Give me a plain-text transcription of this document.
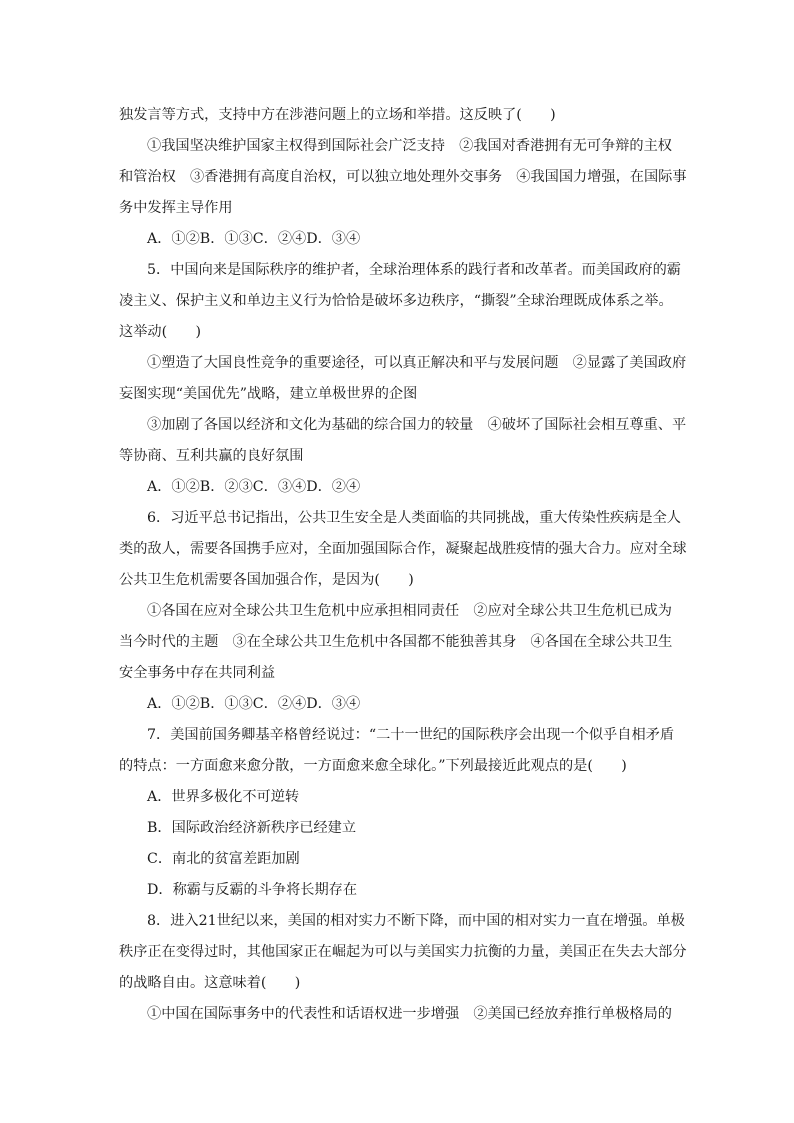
独发言等方式，支持中方在涉港问题上的立场和举措。这反映了(　　)
①我国坚决维护国家主权得到国际社会广泛支持　②我国对香港拥有无可争辩的主权
和管治权　③香港拥有高度自治权，可以独立地处理外交事务　④我国国力增强，在国际事
务中发挥主导作用
A．①②B．①③C．②④D．③④
5．中国向来是国际秩序的维护者，全球治理体系的践行者和改革者。而美国政府的霸
凌主义、保护主义和单边主义行为恰恰是破坏多边秩序，“撕裂”全球治理既成体系之举。
这举动(　　)
①塑造了大国良性竞争的重要途径，可以真正解决和平与发展问题　②显露了美国政府
妄图实现“美国优先”战略，建立单极世界的企图
③加剧了各国以经济和文化为基础的综合国力的较量　④破坏了国际社会相互尊重、平
等协商、互利共赢的良好氛围
A．①②B．②③C．③④D．②④
6．习近平总书记指出，公共卫生安全是人类面临的共同挑战，重大传染性疾病是全人
类的敌人，需要各国携手应对，全面加强国际合作，凝聚起战胜疫情的强大合力。应对全球
公共卫生危机需要各国加强合作，是因为(　　)
①各国在应对全球公共卫生危机中应承担相同责任　②应对全球公共卫生危机已成为
当今时代的主题　③在全球公共卫生危机中各国都不能独善其身　④各国在全球公共卫生
安全事务中存在共同利益
A．①②B．①③C．②④D．③④
7．美国前国务卿基辛格曾经说过：“二十一世纪的国际秩序会出现一个似乎自相矛盾
的特点：一方面愈来愈分散，一方面愈来愈全球化。”下列最接近此观点的是(　　)
A．世界多极化不可逆转
B．国际政治经济新秩序已经建立
C．南北的贫富差距加剧
D．称霸与反霸的斗争将长期存在
8．进入21世纪以来，美国的相对实力不断下降，而中国的相对实力一直在增强。单极
秩序正在变得过时，其他国家正在崛起为可以与美国实力抗衡的力量，美国正在失去大部分
的战略自由。这意味着(　　)
①中国在国际事务中的代表性和话语权进一步增强　②美国已经放弃推行单极格局的
